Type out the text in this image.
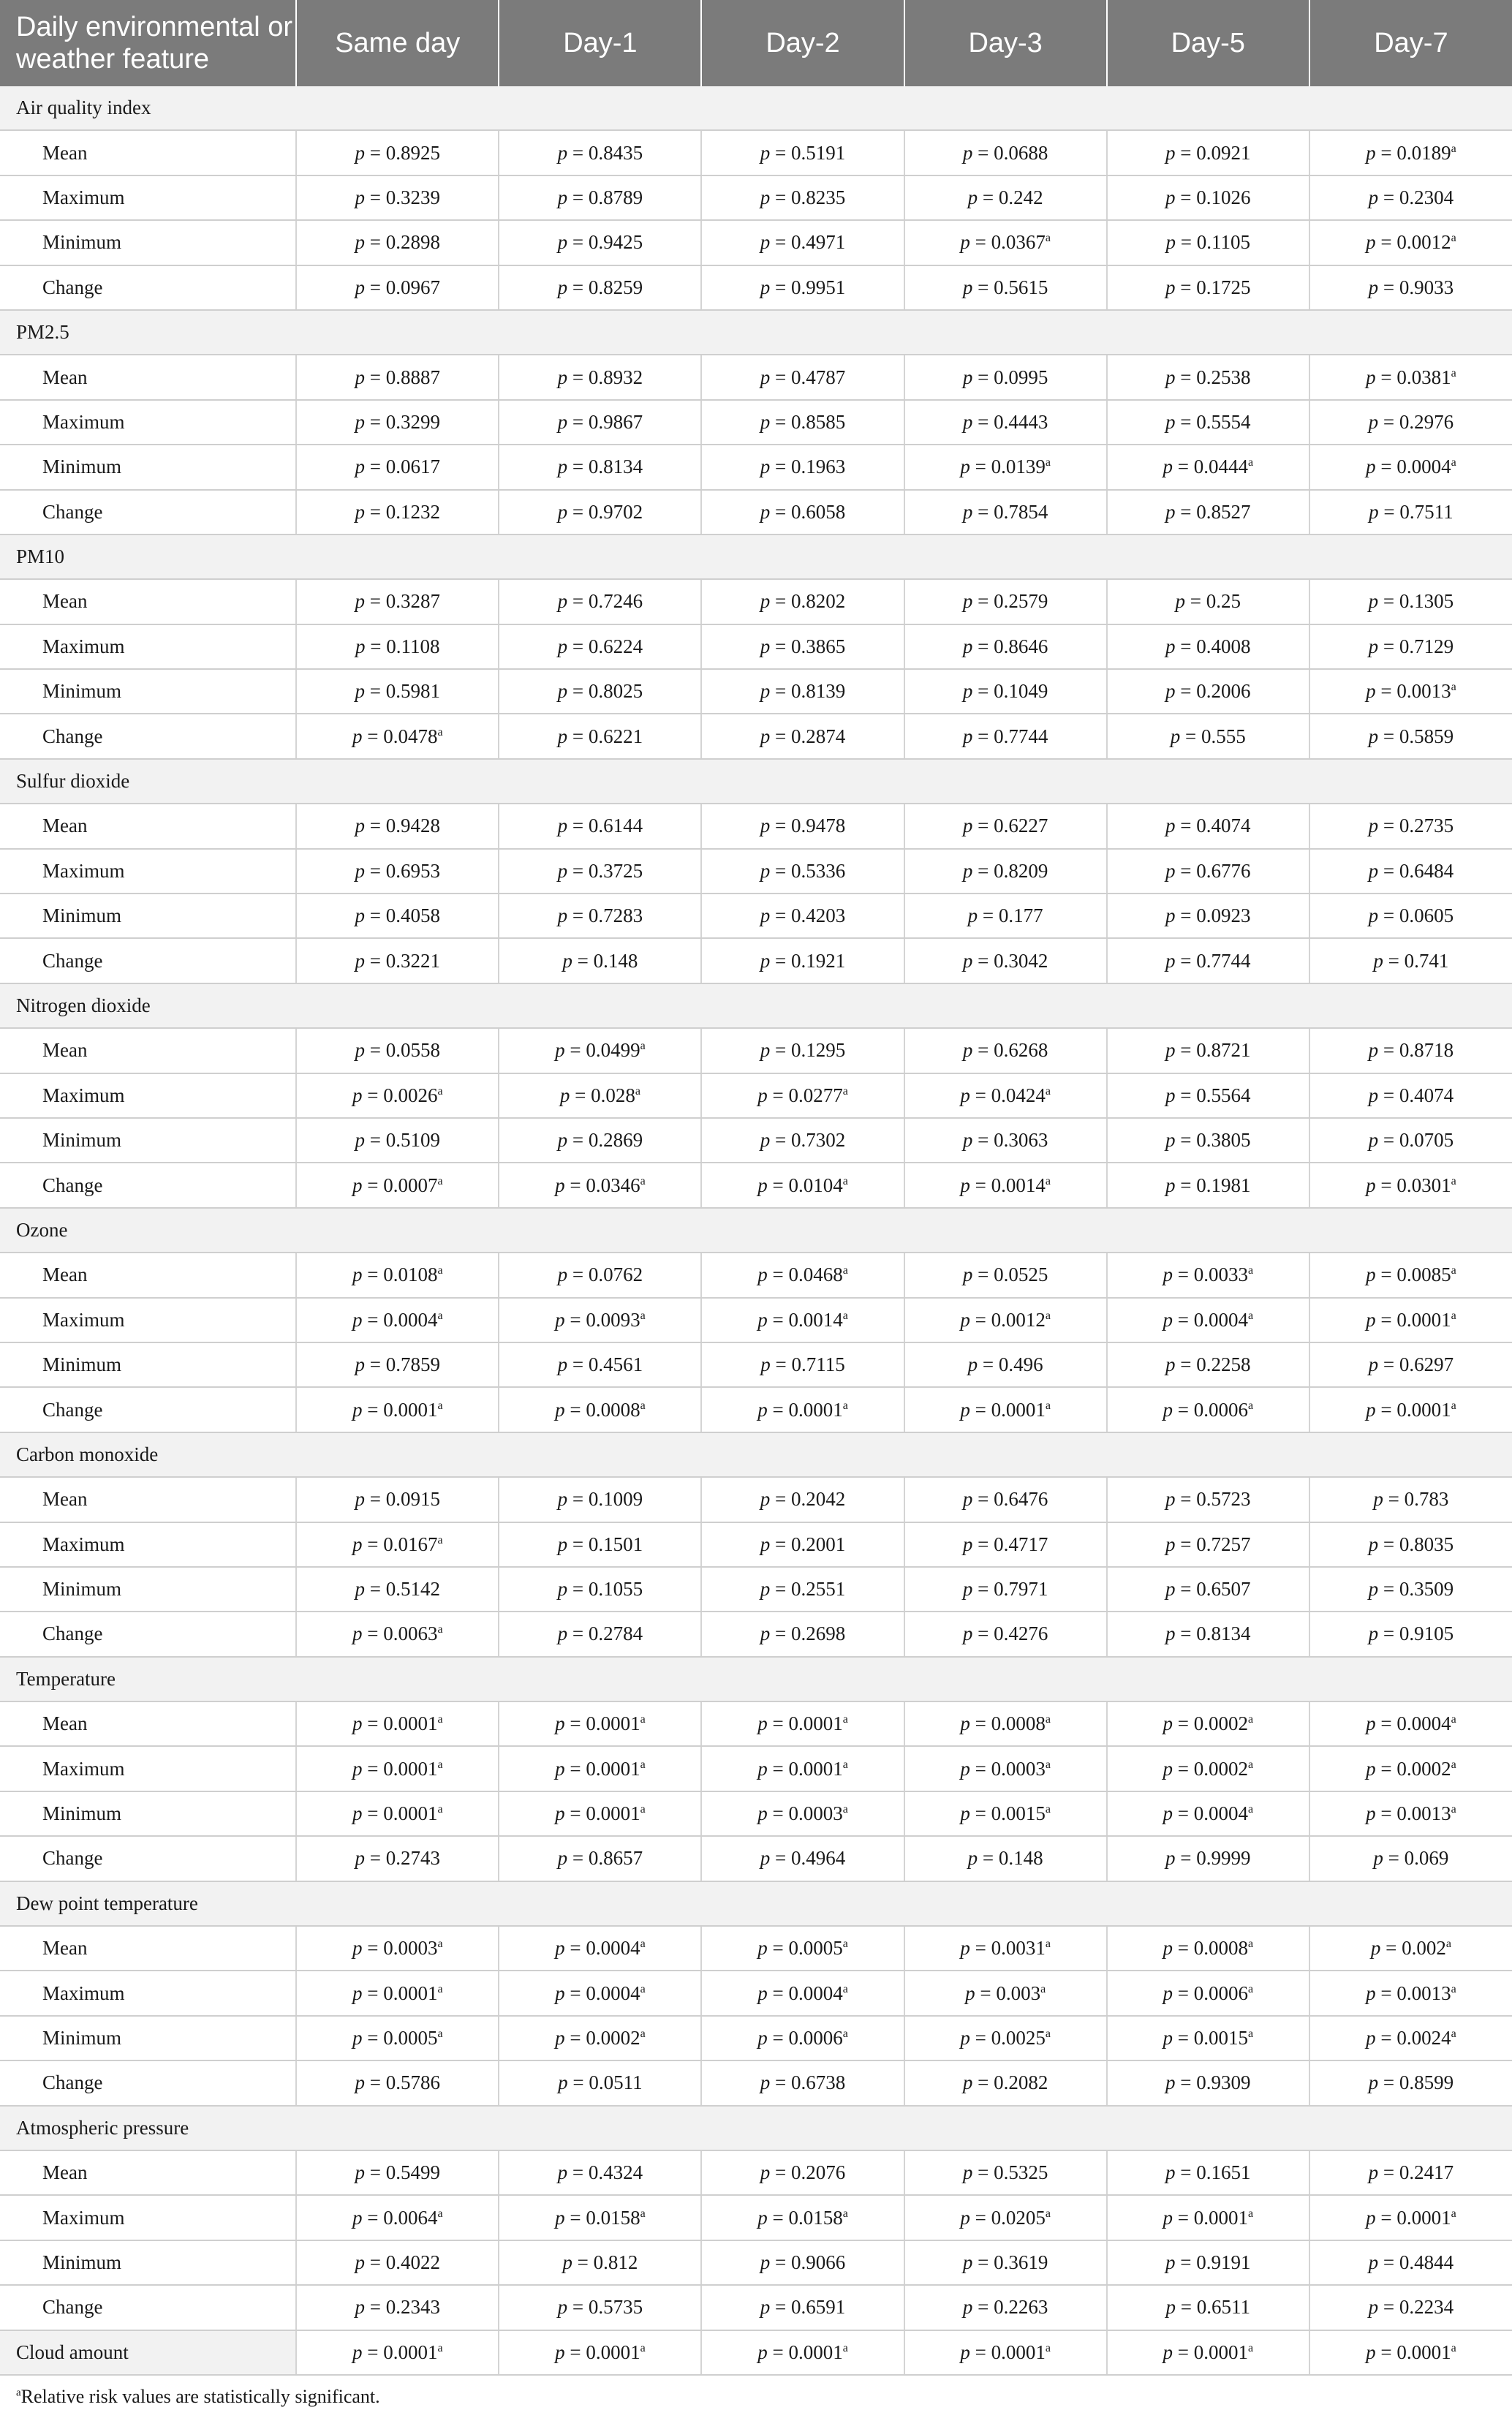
Daily environmental or weather feature	Same day	Day-1	Day-2	Day-3	Day-5	Day-7
Air quality index						
Mean	p = 0.8925	p = 0.8435	p = 0.5191	p = 0.0688	p = 0.0921	p = 0.0189$^a$
Maximum	p = 0.3239	p = 0.8789	p = 0.8235	p = 0.242	p = 0.1026	p = 0.2304
Minimum	p = 0.2898	p = 0.9425	p = 0.4971	p = 0.0367$^a$	p = 0.1105	p = 0.0012$^a$
Change	p = 0.0967	p = 0.8259	p = 0.9951	p = 0.5615	p = 0.1725	p = 0.9033
PM2.5						
Mean	p = 0.8887	p = 0.8932	p = 0.4787	p = 0.0995	p = 0.2538	p = 0.0381$^a$
Maximum	p = 0.3299	p = 0.9867	p = 0.8585	p = 0.4443	p = 0.5554	p = 0.2976
Minimum	p = 0.0617	p = 0.8134	p = 0.1963	p = 0.0139$^a$	p = 0.0444$^a$	p = 0.0004$^a$
Change	p = 0.1232	p = 0.9702	p = 0.6058	p = 0.7854	p = 0.8527	p = 0.7511
PM10						
Mean	p = 0.3287	p = 0.7246	p = 0.8202	p = 0.2579	p = 0.25	p = 0.1305
Maximum	p = 0.1108	p = 0.6224	p = 0.3865	p = 0.8646	p = 0.4008	p = 0.7129
Minimum	p = 0.5981	p = 0.8025	p = 0.8139	p = 0.1049	p = 0.2006	p = 0.0013$^a$
Change	p = 0.0478$^a$	p = 0.6221	p = 0.2874	p = 0.7744	p = 0.555	p = 0.5859
Sulfur dioxide						
Mean	p = 0.9428	p = 0.6144	p = 0.9478	p = 0.6227	p = 0.4074	p = 0.2735
Maximum	p = 0.6953	p = 0.3725	p = 0.5336	p = 0.8209	p = 0.6776	p = 0.6484
Minimum	p = 0.4058	p = 0.7283	p = 0.4203	p = 0.177	p = 0.0923	p = 0.0605
Change	p = 0.3221	p = 0.148	p = 0.1921	p = 0.3042	p = 0.7744	p = 0.741
Nitrogen dioxide						
Mean	p = 0.0558	p = 0.0499$^a$	p = 0.1295	p = 0.6268	p = 0.8721	p = 0.8718
Maximum	p = 0.0026$^a$	p = 0.028$^a$	p = 0.0277$^a$	p = 0.0424$^a$	p = 0.5564	p = 0.4074
Minimum	p = 0.5109	p = 0.2869	p = 0.7302	p = 0.3063	p = 0.3805	p = 0.0705
Change	p = 0.0007$^a$	p = 0.0346$^a$	p = 0.0104$^a$	p = 0.0014$^a$	p = 0.1981	p = 0.0301$^a$
Ozone						
Mean	p = 0.0108$^a$	p = 0.0762	p = 0.0468$^a$	p = 0.0525	p = 0.0033$^a$	p = 0.0085$^a$
Maximum	p = 0.0004$^a$	p = 0.0093$^a$	p = 0.0014$^a$	p = 0.0012$^a$	p = 0.0004$^a$	p = 0.0001$^a$
Minimum	p = 0.7859	p = 0.4561	p = 0.7115	p = 0.496	p = 0.2258	p = 0.6297
Change	p = 0.0001$^a$	p = 0.0008$^a$	p = 0.0001$^a$	p = 0.0001$^a$	p = 0.0006$^a$	p = 0.0001$^a$
Carbon monoxide						
Mean	p = 0.0915	p = 0.1009	p = 0.2042	p = 0.6476	p = 0.5723	p = 0.783
Maximum	p = 0.0167$^a$	p = 0.1501	p = 0.2001	p = 0.4717	p = 0.7257	p = 0.8035
Minimum	p = 0.5142	p = 0.1055	p = 0.2551	p = 0.7971	p = 0.6507	p = 0.3509
Change	p = 0.0063$^a$	p = 0.2784	p = 0.2698	p = 0.4276	p = 0.8134	p = 0.9105
Temperature						
Mean	p = 0.0001$^a$	p = 0.0001$^a$	p = 0.0001$^a$	p = 0.0008$^a$	p = 0.0002$^a$	p = 0.0004$^a$
Maximum	p = 0.0001$^a$	p = 0.0001$^a$	p = 0.0001$^a$	p = 0.0003$^a$	p = 0.0002$^a$	p = 0.0002$^a$
Minimum	p = 0.0001$^a$	p = 0.0001$^a$	p = 0.0003$^a$	p = 0.0015$^a$	p = 0.0004$^a$	p = 0.0013$^a$
Change	p = 0.2743	p = 0.8657	p = 0.4964	p = 0.148	p = 0.9999	p = 0.069
Dew point temperature						
Mean	p = 0.0003$^a$	p = 0.0004$^a$	p = 0.0005$^a$	p = 0.0031$^a$	p = 0.0008$^a$	p = 0.002$^a$
Maximum	p = 0.0001$^a$	p = 0.0004$^a$	p = 0.0004$^a$	p = 0.003$^a$	p = 0.0006$^a$	p = 0.0013$^a$
Minimum	p = 0.0005$^a$	p = 0.0002$^a$	p = 0.0006$^a$	p = 0.0025$^a$	p = 0.0015$^a$	p = 0.0024$^a$
Change	p = 0.5786	p = 0.0511	p = 0.6738	p = 0.2082	p = 0.9309	p = 0.8599
Atmospheric pressure						
Mean	p = 0.5499	p = 0.4324	p = 0.2076	p = 0.5325	p = 0.1651	p = 0.2417
Maximum	p = 0.0064$^a$	p = 0.0158$^a$	p = 0.0158$^a$	p = 0.0205$^a$	p = 0.0001$^a$	p = 0.0001$^a$
Minimum	p = 0.4022	p = 0.812	p = 0.9066	p = 0.3619	p = 0.9191	p = 0.4844
Change	p = 0.2343	p = 0.5735	p = 0.6591	p = 0.2263	p = 0.6511	p = 0.2234
Cloud amount	p = 0.0001$^a$	p = 0.0001$^a$	p = 0.0001$^a$	p = 0.0001$^a$	p = 0.0001$^a$	p = 0.0001$^a$
$^a$Relative risk values are statistically significant.
